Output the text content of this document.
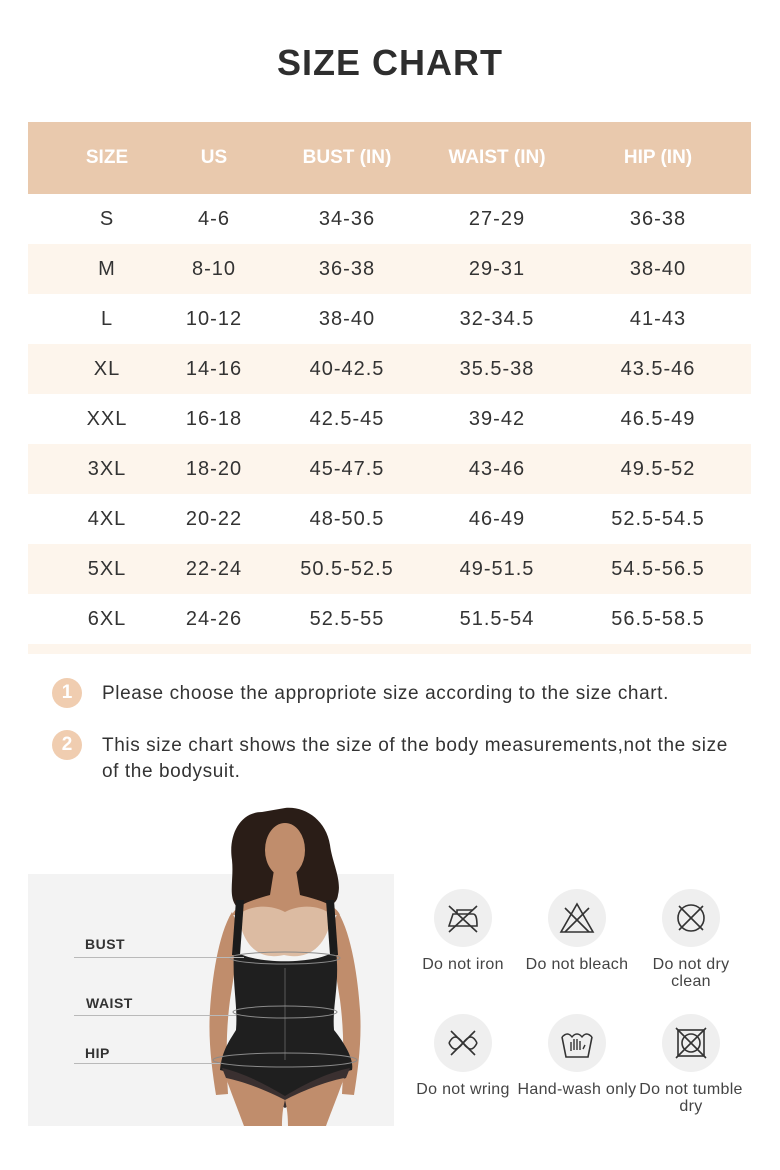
SIZE CHART
SIZE	US	BUST (IN)	WAIST (IN)	HIP (IN)
S	4-6	34-36	27-29	36-38
M	8-10	36-38	29-31	38-40
L	10-12	38-40	32-34.5	41-43
XL	14-16	40-42.5	35.5-38	43.5-46
XXL	16-18	42.5-45	39-42	46.5-49
3XL	18-20	45-47.5	43-46	49.5-52
4XL	20-22	48-50.5	46-49	52.5-54.5
5XL	22-24	50.5-52.5	49-51.5	54.5-56.5
6XL	24-26	52.5-55	51.5-54	56.5-58.5
1	Please choose the appropriote size according to the size chart.
2	This size chart shows the size of the body measurements,not the size of the bodysuit.
BUST
WAIST
HIP
Do not iron	Do not bleach	Do not dry clean
Do not wring Hand-wash only Do not tumble dry
